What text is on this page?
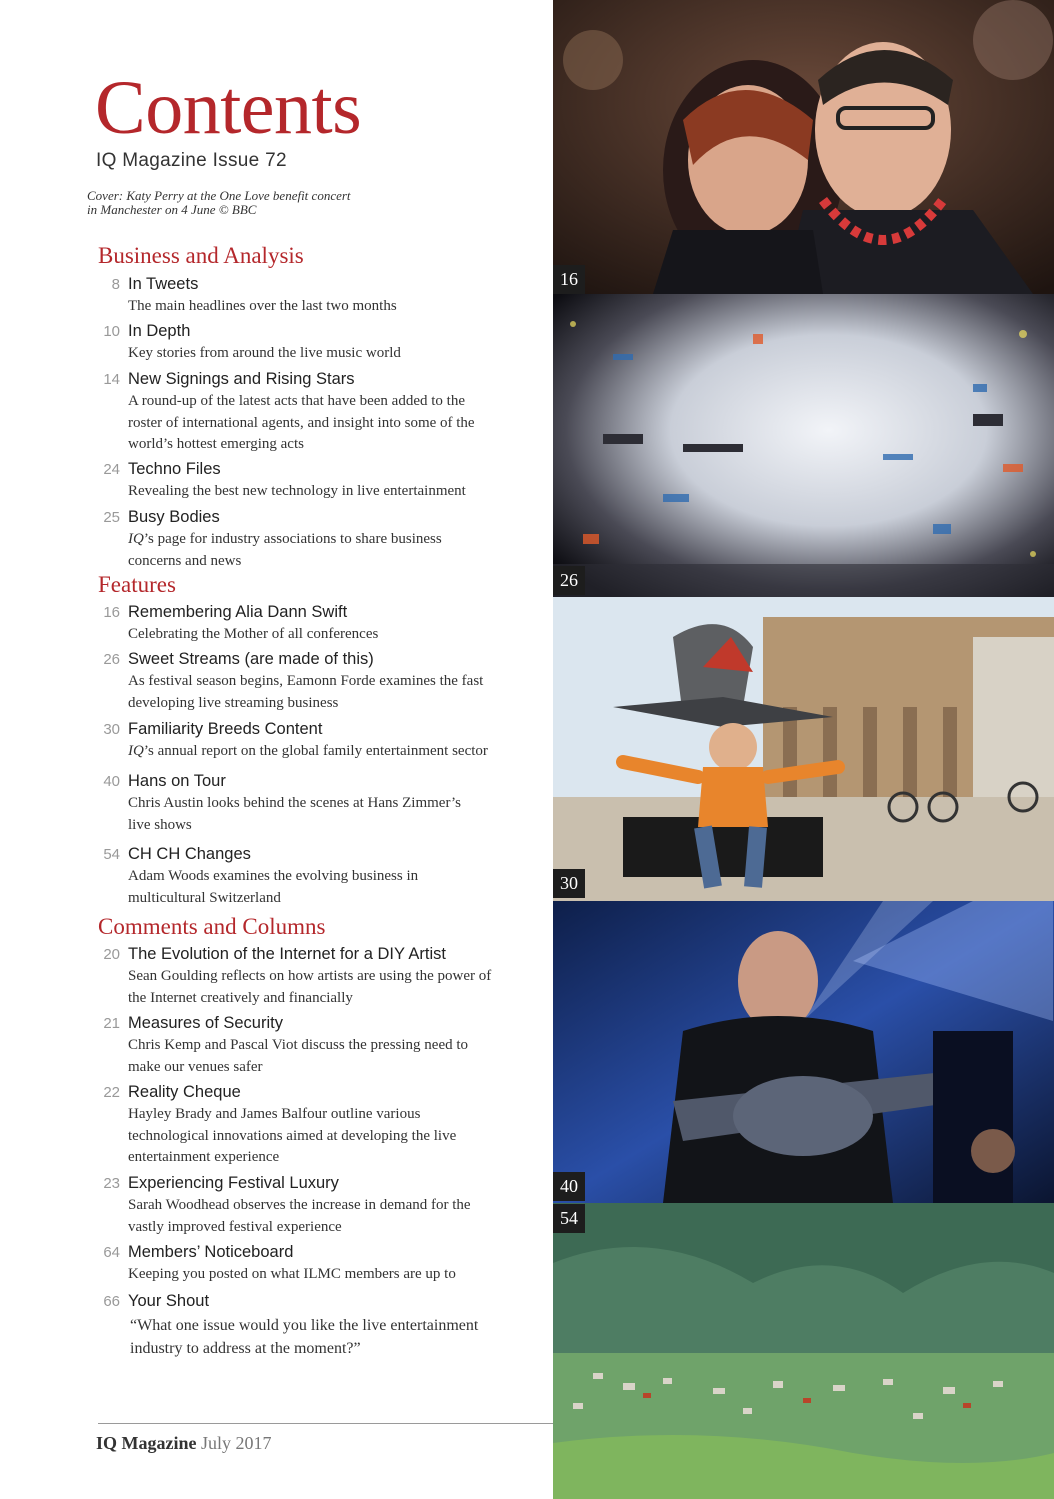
Contents
IQ Magazine Issue 72
Cover: Katy Perry at the One Love benefit concert
in Manchester on 4 June © BBC
Business and Analysis
8 In Tweets
The main headlines over the last two months
10 In Depth
Key stories from around the live music world
14 New Signings and Rising Stars
A round-up of the latest acts that have been added to the
roster of international agents, and insight into some of the
world’s hottest emerging acts
24 Techno Files
Revealing the best new technology in live entertainment
25 Busy Bodies
IQ’s page for industry associations to share business
concerns and news
Features
16 Remembering Alia Dann Swift
Celebrating the Mother of all conferences
26 Sweet Streams (are made of this)
As festival season begins, Eamonn Forde examines the fast
developing live streaming business
30 Familiarity Breeds Content
IQ’s annual report on the global family entertainment sector
40 Hans on Tour
Chris Austin looks behind the scenes at Hans Zimmer’s
live shows
54 CH CH Changes
Adam Woods examines the evolving business in
multicultural Switzerland
Comments and Columns
20 The Evolution of the Internet for a DIY Artist
Sean Goulding reflects on how artists are using the power of
the Internet creatively and financially
21 Measures of Security
Chris Kemp and Pascal Viot discuss the pressing need to
make our venues safer
22 Reality Cheque
Hayley Brady and James Balfour outline various
technological innovations aimed at developing the live
entertainment experience
23 Experiencing Festival Luxury
Sarah Woodhead observes the increase in demand for the
vastly improved festival experience
64 Members’ Noticeboard
Keeping you posted on what ILMC members are up to
66 Your Shout
“What one issue would you like the live entertainment
industry to address at the moment?”
IQ Magazine July 2017
16
26
30
40
54
